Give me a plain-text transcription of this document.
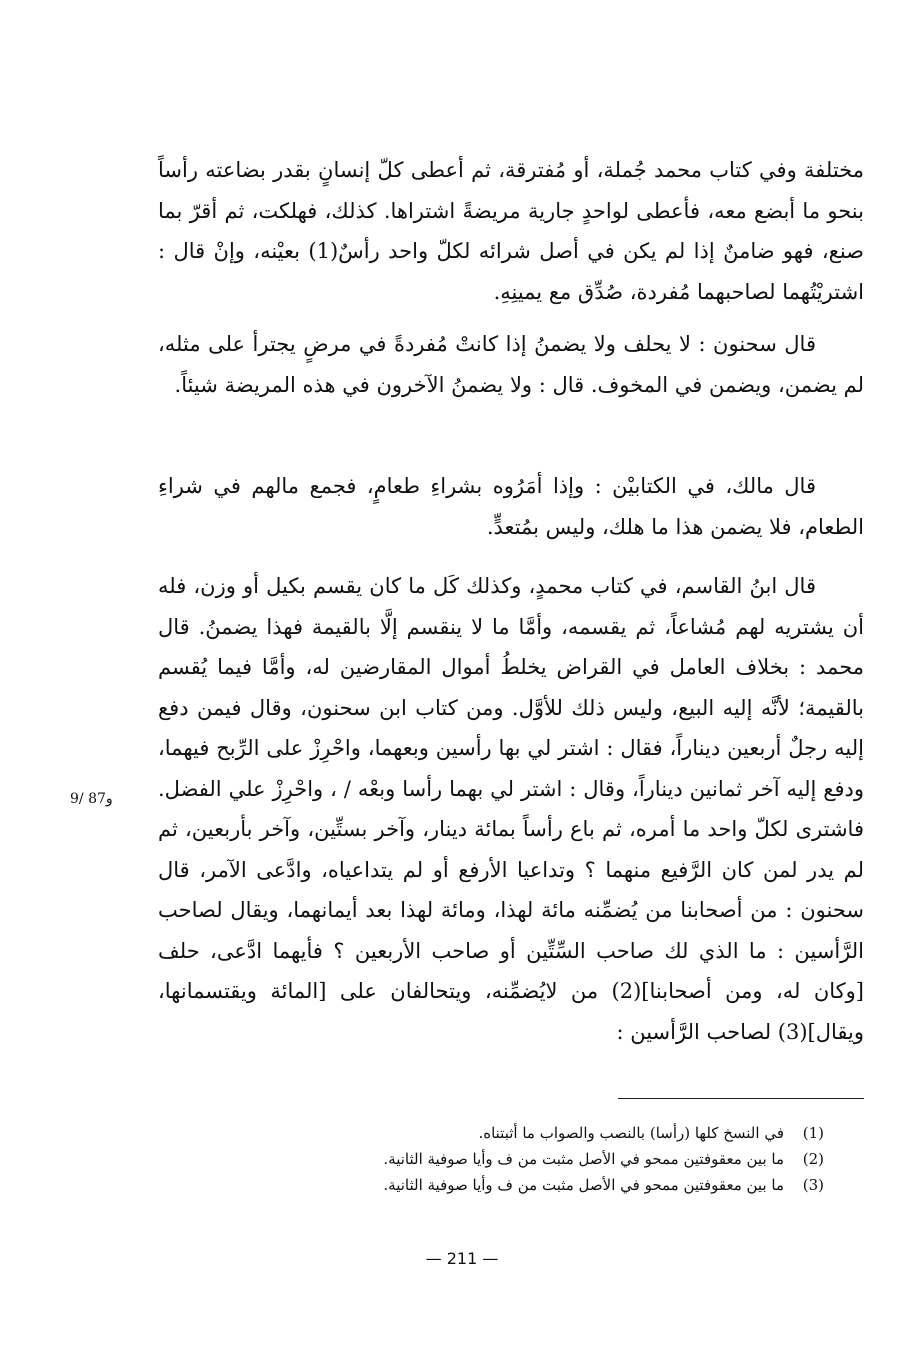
مختلفة وفي كتاب محمد جُملة، أو مُفترقة، ثم أعطى كلّ إنسانٍ بقدر بضاعته رأساً بنحو ما أبضع معه، فأعطى لواحدٍ جارية مريضةً اشتراها. كذلك، فهلكت، ثم أقرّ بما صنع، فهو ضامنٌ إذا لم يكن في أصل شرائه لكلّ واحد رأسٌ(1) بعيْنه، وإنْ قال : اشتريْتُهما لصاحبهما مُفردة، صُدِّق مع يمينِهِ.

قال سحنون : لا يحلف ولا يضمنُ إذا كانتْ مُفردةً في مرضٍ يجترأ على مثله، لم يضمن، ويضمن في المخوف. قال : ولا يضمنُ الآخرون في هذه المريضة شيئاً.

قال مالك، في الكتابيْن : وإذا أمَرُوه بشراءِ طعامٍ، فجمع مالهم في شراءِ الطعام، فلا يضمن هذا ما هلك، وليس بمُتعدٍّ.

قال ابنُ القاسم، في كتاب محمدٍ، وكذلك كَل ما كان يقسم بكيل أو وزن، فله أن يشتريه لهم مُشاعاً، ثم يقسمه، وأمَّا ما لا ينقسم إلَّا بالقيمة فهذا يضمنُ. قال محمد : بخلاف العامل في القراض يخلطُ أموال المقارضين له، وأمَّا فيما يُقسم بالقيمة؛ لأنَّه إليه البيع، وليس ذلك للأوَّل. ومن كتاب ابن سحنون، وقال فيمن دفع إليه رجلٌ أربعين ديناراً، فقال : اشتر لي بها رأسين وبعهما، واحْرِزْ على الرِّبح فيهما، ودفع إليه آخر ثمانين ديناراً، وقال : اشتر لي بهما رأسا وبعْه / ، واحْرِزْ علي الفضل. فاشترى لكلّ واحد ما أمره، ثم باع رأساً بمائة دينار، وآخر بستِّين، وآخر بأربعين، ثم لم يدر لمن كان الرَّفيع منهما ؟ وتداعيا الأرفع أو لم يتداعياه، وادَّعى الآمر، قال سحنون : من أصحابنا من يُضمِّنه مائة لهذا، ومائة لهذا بعد أيمانهما، ويقال لصاحب الرَّأسين : ما الذي لك صاحب السِّتِّين أو صاحب الأربعين ؟ فأيهما ادَّعى، حلف [وكان له، ومن أصحابنا](2) من لايُضمِّنه، ويتحالفان على [المائة ويقتسمانها، ويقال](3) لصاحب الرَّأسين :

9/ 87و
(1)
في النسخ كلها (رأسا) بالنصب والصواب ما أثبتناه.
(2)
ما بين معقوفتين ممحو في الأصل مثبت من ف وأيا صوفية الثانية.
(3)
ما بين معقوفتين ممحو في الأصل مثبت من ف وأيا صوفية الثانية.
— 211 —
